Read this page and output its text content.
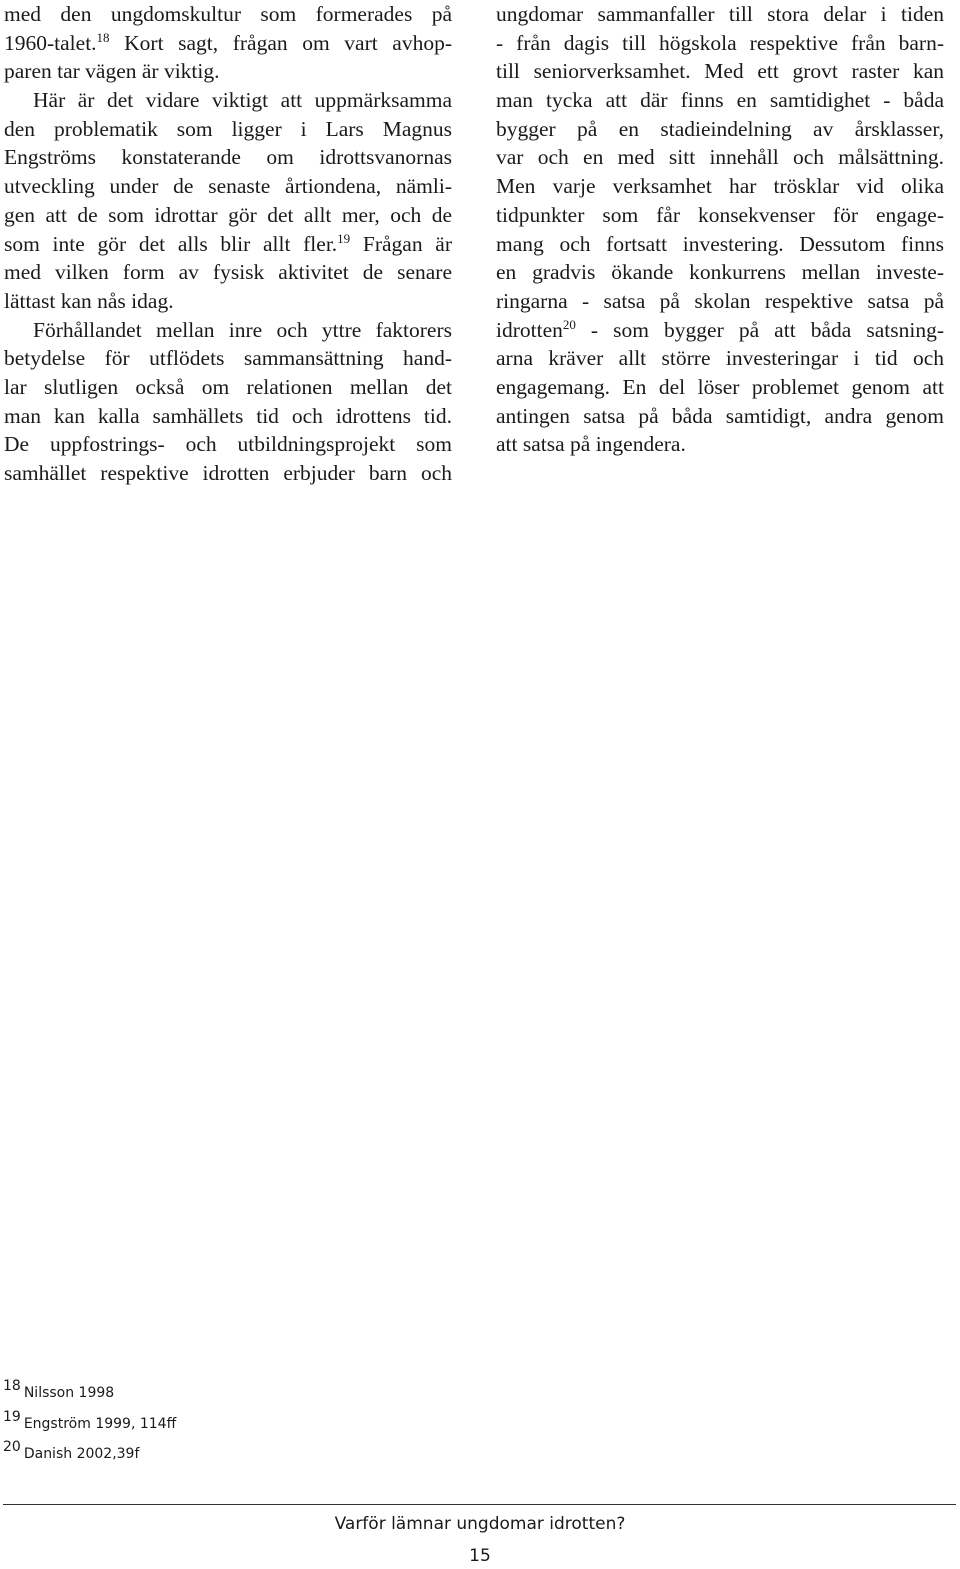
med den ungdomskultur som formerades på
1960-talet.$^{18}$ Kort sagt, frågan om vart avhop-
paren tar vägen är viktig.
Här är det vidare viktigt att uppmärksamma
den problematik som ligger i Lars Magnus
Engströms konstaterande om idrottsvanornas
utveckling under de senaste årtiondena, nämli-
gen att de som idrottar gör det allt mer, och de
som inte gör det alls blir allt fler.$^{19}$ Frågan är
med vilken form av fysisk aktivitet de senare
lättast kan nås idag.
Förhållandet mellan inre och yttre faktorers
betydelse för utflödets sammansättning hand-
lar slutligen också om relationen mellan det
man kan kalla samhällets tid och idrottens tid.
De uppfostrings- och utbildningsprojekt som
samhället respektive idrotten erbjuder barn och
ungdomar sammanfaller till stora delar i tiden
- från dagis till högskola respektive från barn-
till seniorverksamhet. Med ett grovt raster kan
man tycka att där finns en samtidighet - båda
bygger på en stadieindelning av årsklasser,
var och en med sitt innehåll och målsättning.
Men varje verksamhet har trösklar vid olika
tidpunkter som får konsekvenser för engage-
mang och fortsatt investering. Dessutom finns
en gradvis ökande konkurrens mellan investe-
ringarna - satsa på skolan respektive satsa på
idrotten$^{20}$ - som bygger på att båda satsning-
arna kräver allt större investeringar i tid och
engagemang. En del löser problemet genom att
antingen satsa på båda samtidigt, andra genom
att satsa på ingendera.
18 Nilsson 1998
19 Engström 1999, 114ff
20 Danish 2002,39f
Varför lämnar ungdomar idrotten?
15
